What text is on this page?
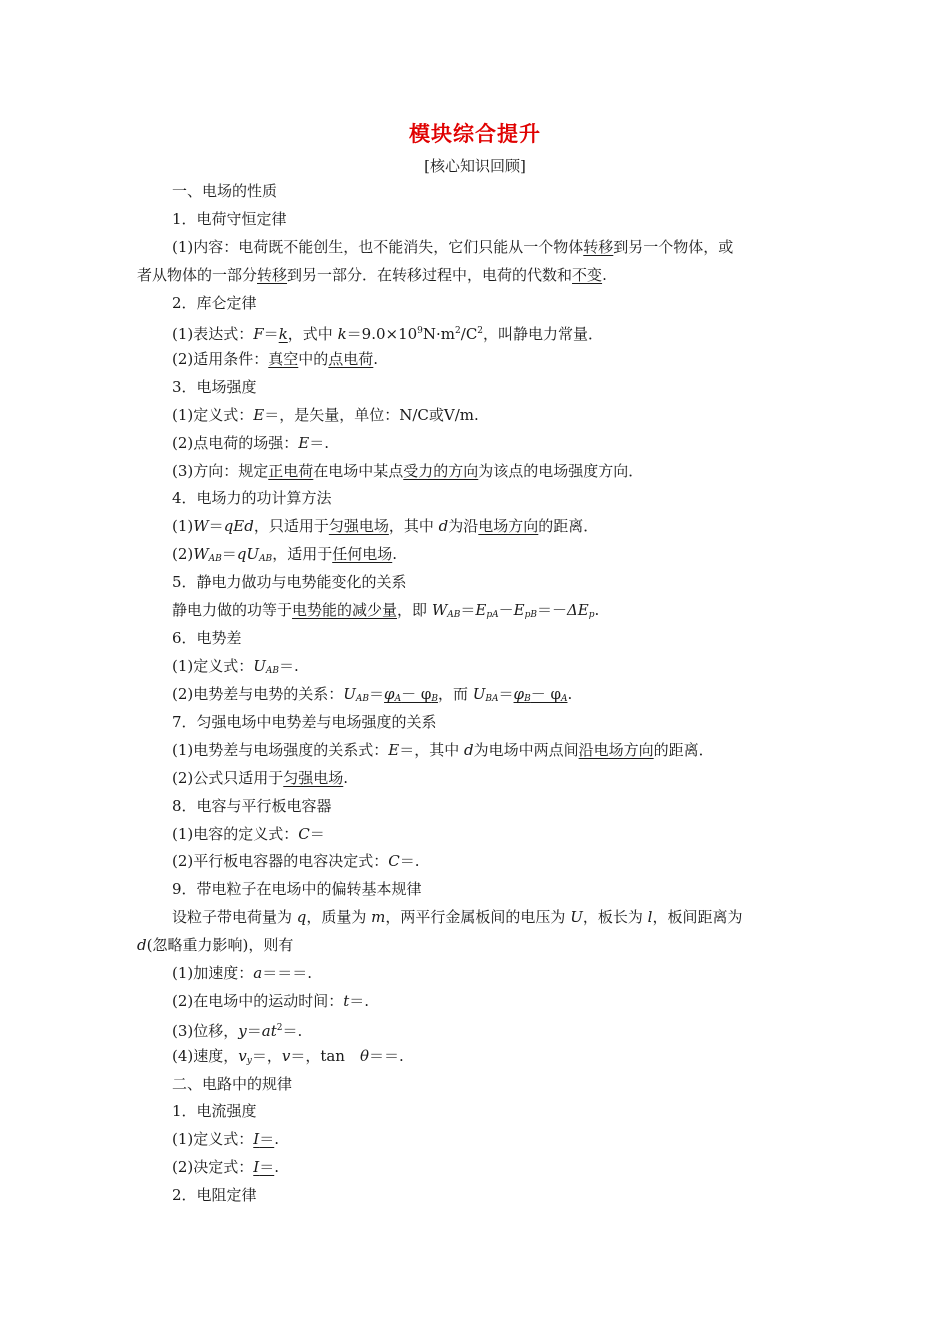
模块综合提升
[核心知识回顾]
一、电场的性质
1．电荷守恒定律
(1)内容：电荷既不能创生，也不能消失，它们只能从一个物体转移到另一个物体，或
者从物体的一部分转移到另一部分．在转移过程中，电荷的代数和不变.
2．库仑定律
(1)表达式：F＝k，式中 $k=9.0\times 10^9N\cdot m^2/C^2$，叫静电力常量．
(2)适用条件：真空中的点电荷.
3．电场强度
(1)定义式：E＝，是矢量，单位：N/C或V/m.
(2)点电荷的场强：E＝.
(3)方向：规定正电荷在电场中某点受力的方向为该点的电场强度方向．
4．电场力的功计算方法
(1)W＝qEd，只适用于匀强电场，其中 d为沿电场方向的距离．
$(2)W_{AB}=qU_{AB}$，适用于任何电场.
5．静电力做功与电势能变化的关系
静电力做的功等于电势能的减少量，即 $W_{AB}=E_{pA}-E_{pB}=-\Delta E_p$.
6．电势差
(1)定义式：$U_{AB}=$.
(2)电势差与电势的关系：$U_{AB}=\varphi_A- \varphi_B$，而 $U_{BA}=\varphi_B- \varphi_A$.
7．匀强电场中电势差与电场强度的关系
(1)电势差与电场强度的关系式：E＝，其中 d为电场中两点间沿电场方向的距离．
(2)公式只适用于匀强电场.
8．电容与平行板电容器
(1)电容的定义式：C＝
(2)平行板电容器的电容决定式：C＝.
9．带电粒子在电场中的偏转基本规律
设粒子带电荷量为 q，质量为 m，两平行金属板间的电压为 U，板长为 l，板间距离为
d(忽略重力影响)，则有
(1)加速度：a＝＝＝.
(2)在电场中的运动时间：t＝.
(3)位移，$y=at^2=$.
(4)速度，$v_y=$，v＝，tan　θ＝＝.
二、电路中的规律
1．电流强度
(1)定义式：I＝.
(2)决定式：I＝.
2．电阻定律
